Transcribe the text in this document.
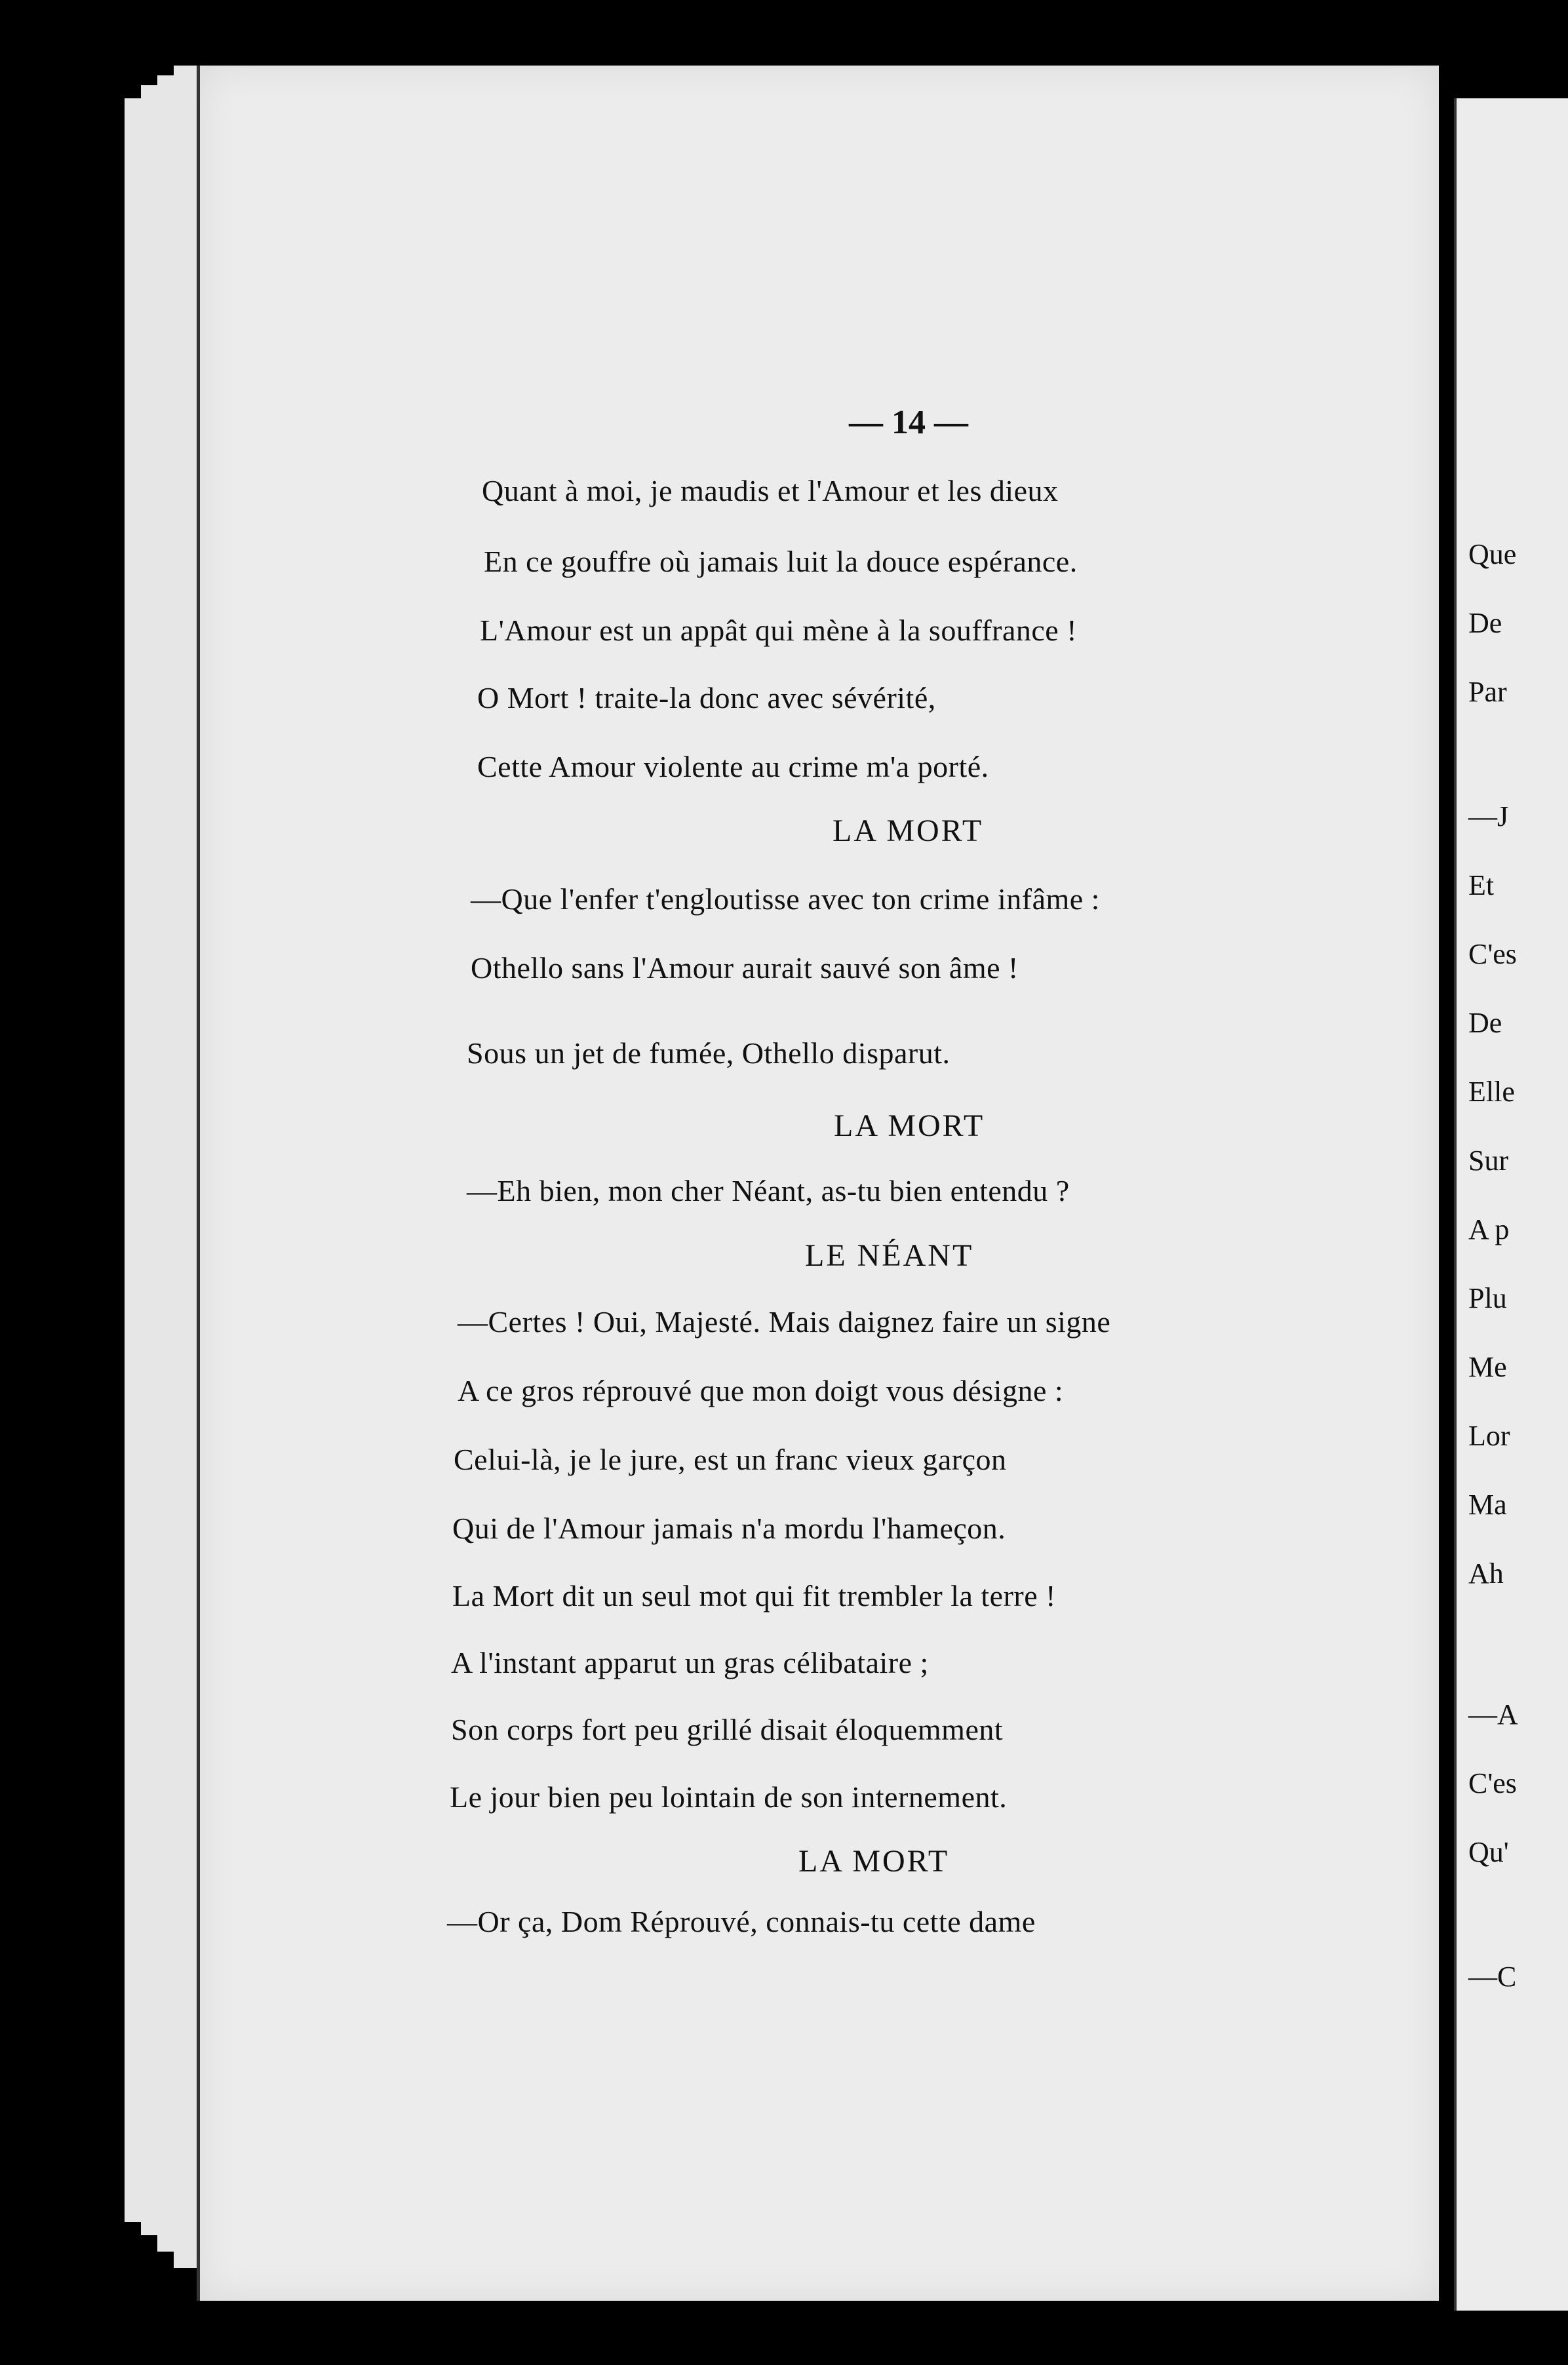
— 14 —
Quant à moi, je maudis et l'Amour et les dieux
En ce gouffre où jamais luit la douce espérance.
L'Amour est un appât qui mène à la souffrance !
O Mort ! traite-la donc avec sévérité,
Cette Amour violente au crime m'a porté.
LA MORT
—Que l'enfer t'engloutisse avec ton crime infâme :
Othello sans l'Amour aurait sauvé son âme !
Sous un jet de fumée, Othello disparut.
LA MORT
—Eh bien, mon cher Néant, as-tu bien entendu ?
LE NÉANT
—Certes ! Oui, Majesté. Mais daignez faire un signe
A ce gros réprouvé que mon doigt vous désigne :
Celui-là, je le jure, est un franc vieux garçon
Qui de l'Amour jamais n'a mordu l'hameçon.
La Mort dit un seul mot qui fit trembler la terre !
A l'instant apparut un gras célibataire ;
Son corps fort peu grillé disait éloquemment
Le jour bien peu lointain de son internement.
LA MORT
—Or ça, Dom Réprouvé, connais-tu cette dame
Que
De
Par
—J
Et
C'es
De
Elle
Sur
A p
Plu
Me
Lor
Ma
Ah
—A
C'es
Qu'
—C
